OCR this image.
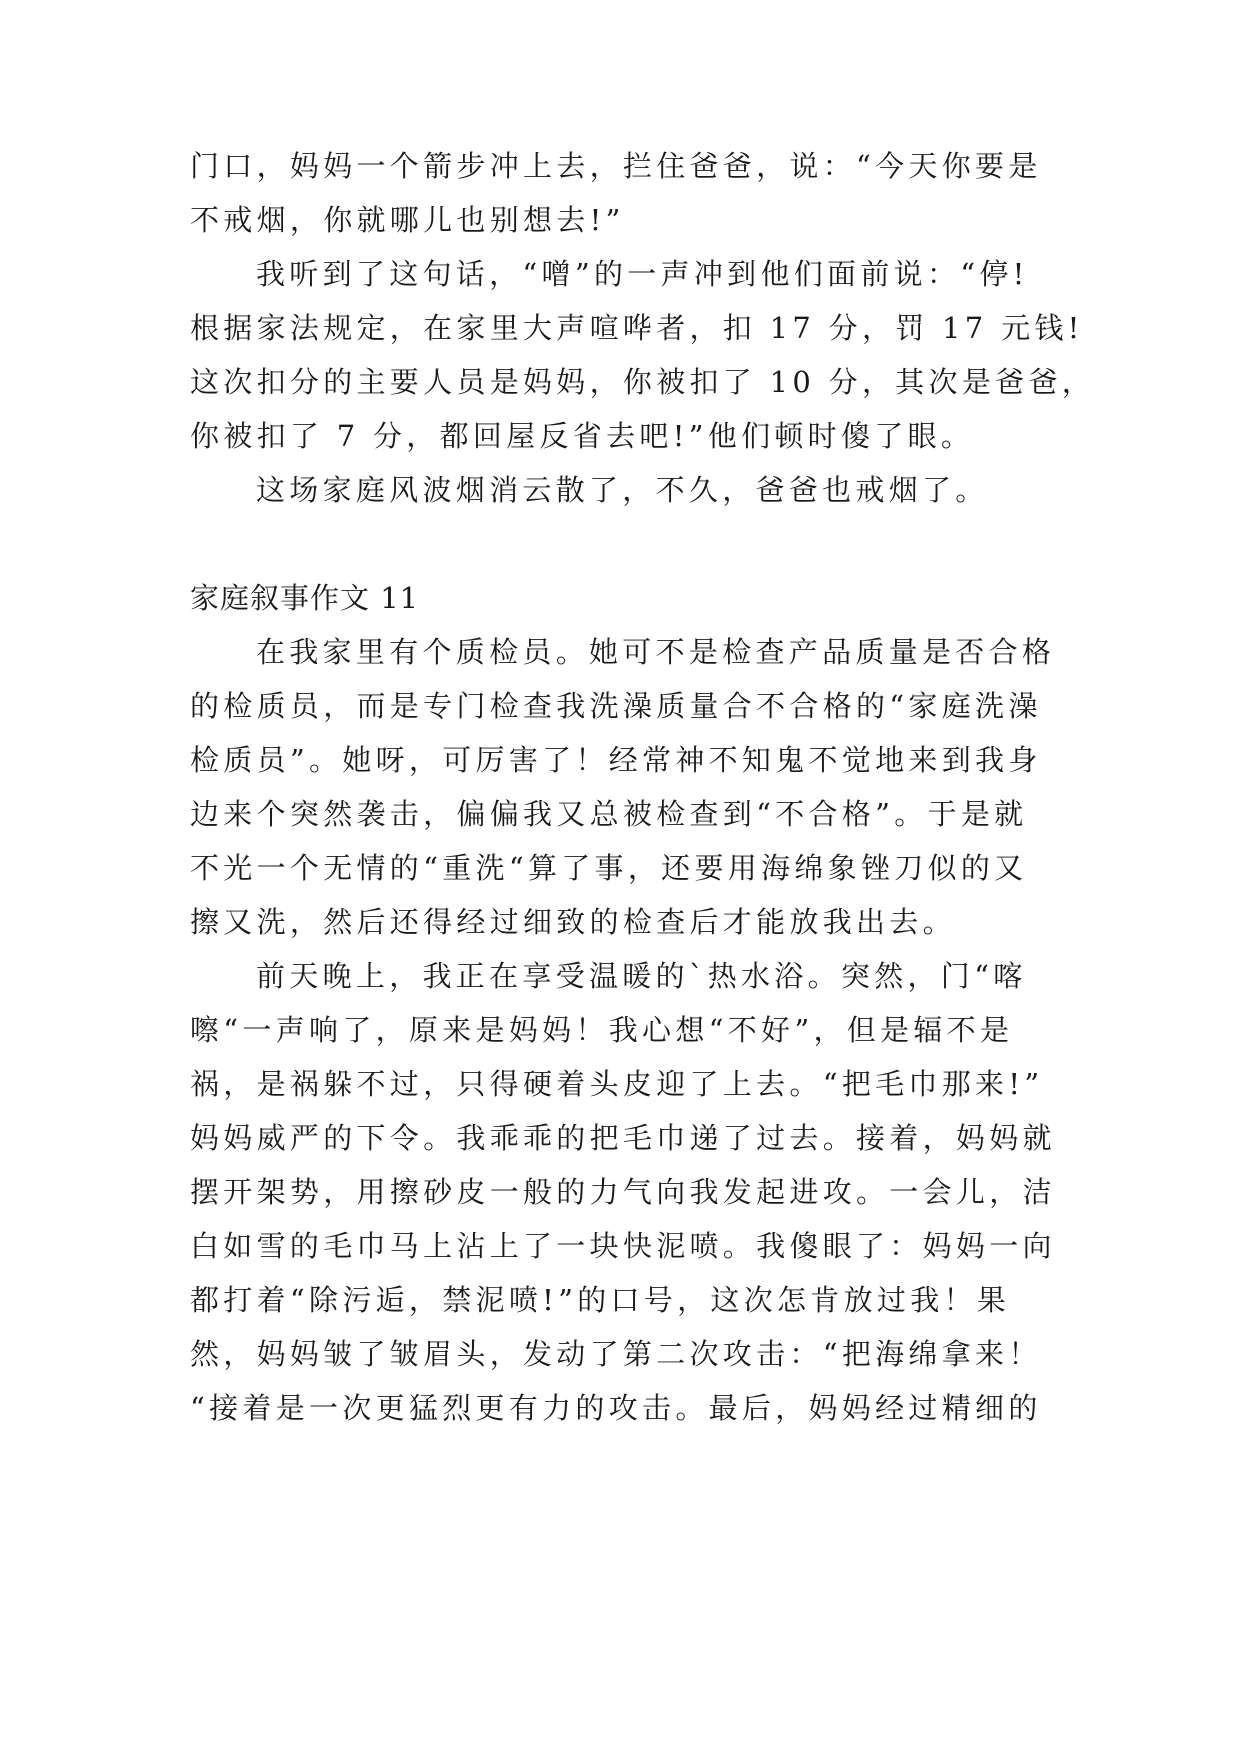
门口，妈妈一个箭步冲上去，拦住爸爸，说：“今天你要是
不戒烟，你就哪儿也别想去!”
我听到了这句话，“噌”的一声冲到他们面前说：“停!
根据家法规定，在家里大声喧哗者，扣 17 分，罚 17 元钱!
这次扣分的主要人员是妈妈，你被扣了 10 分，其次是爸爸，
你被扣了 7 分，都回屋反省去吧!”他们顿时傻了眼。
这场家庭风波烟消云散了，不久，爸爸也戒烟了。
家庭叙事作文 11
在我家里有个质检员。她可不是检查产品质量是否合格
的检质员，而是专门检查我洗澡质量合不合格的“家庭洗澡
检质员”。她呀，可厉害了！经常神不知鬼不觉地来到我身
边来个突然袭击，偏偏我又总被检查到“不合格”。于是就
不光一个无情的“重洗“算了事，还要用海绵象锉刀似的又
擦又洗，然后还得经过细致的检查后才能放我出去。
前天晚上，我正在享受温暖的`热水浴。突然，门“喀
嚓“一声响了，原来是妈妈！我心想“不好”，但是辐不是
祸，是祸躲不过，只得硬着头皮迎了上去。“把毛巾那来!”
妈妈威严的下令。我乖乖的把毛巾递了过去。接着，妈妈就
摆开架势，用擦砂皮一般的力气向我发起进攻。一会儿，洁
白如雪的毛巾马上沾上了一块快泥喷。我傻眼了：妈妈一向
都打着“除污逅，禁泥喷!”的口号，这次怎肯放过我！果
然，妈妈皱了皱眉头，发动了第二次攻击：“把海绵拿来！
“接着是一次更猛烈更有力的攻击。最后，妈妈经过精细的
